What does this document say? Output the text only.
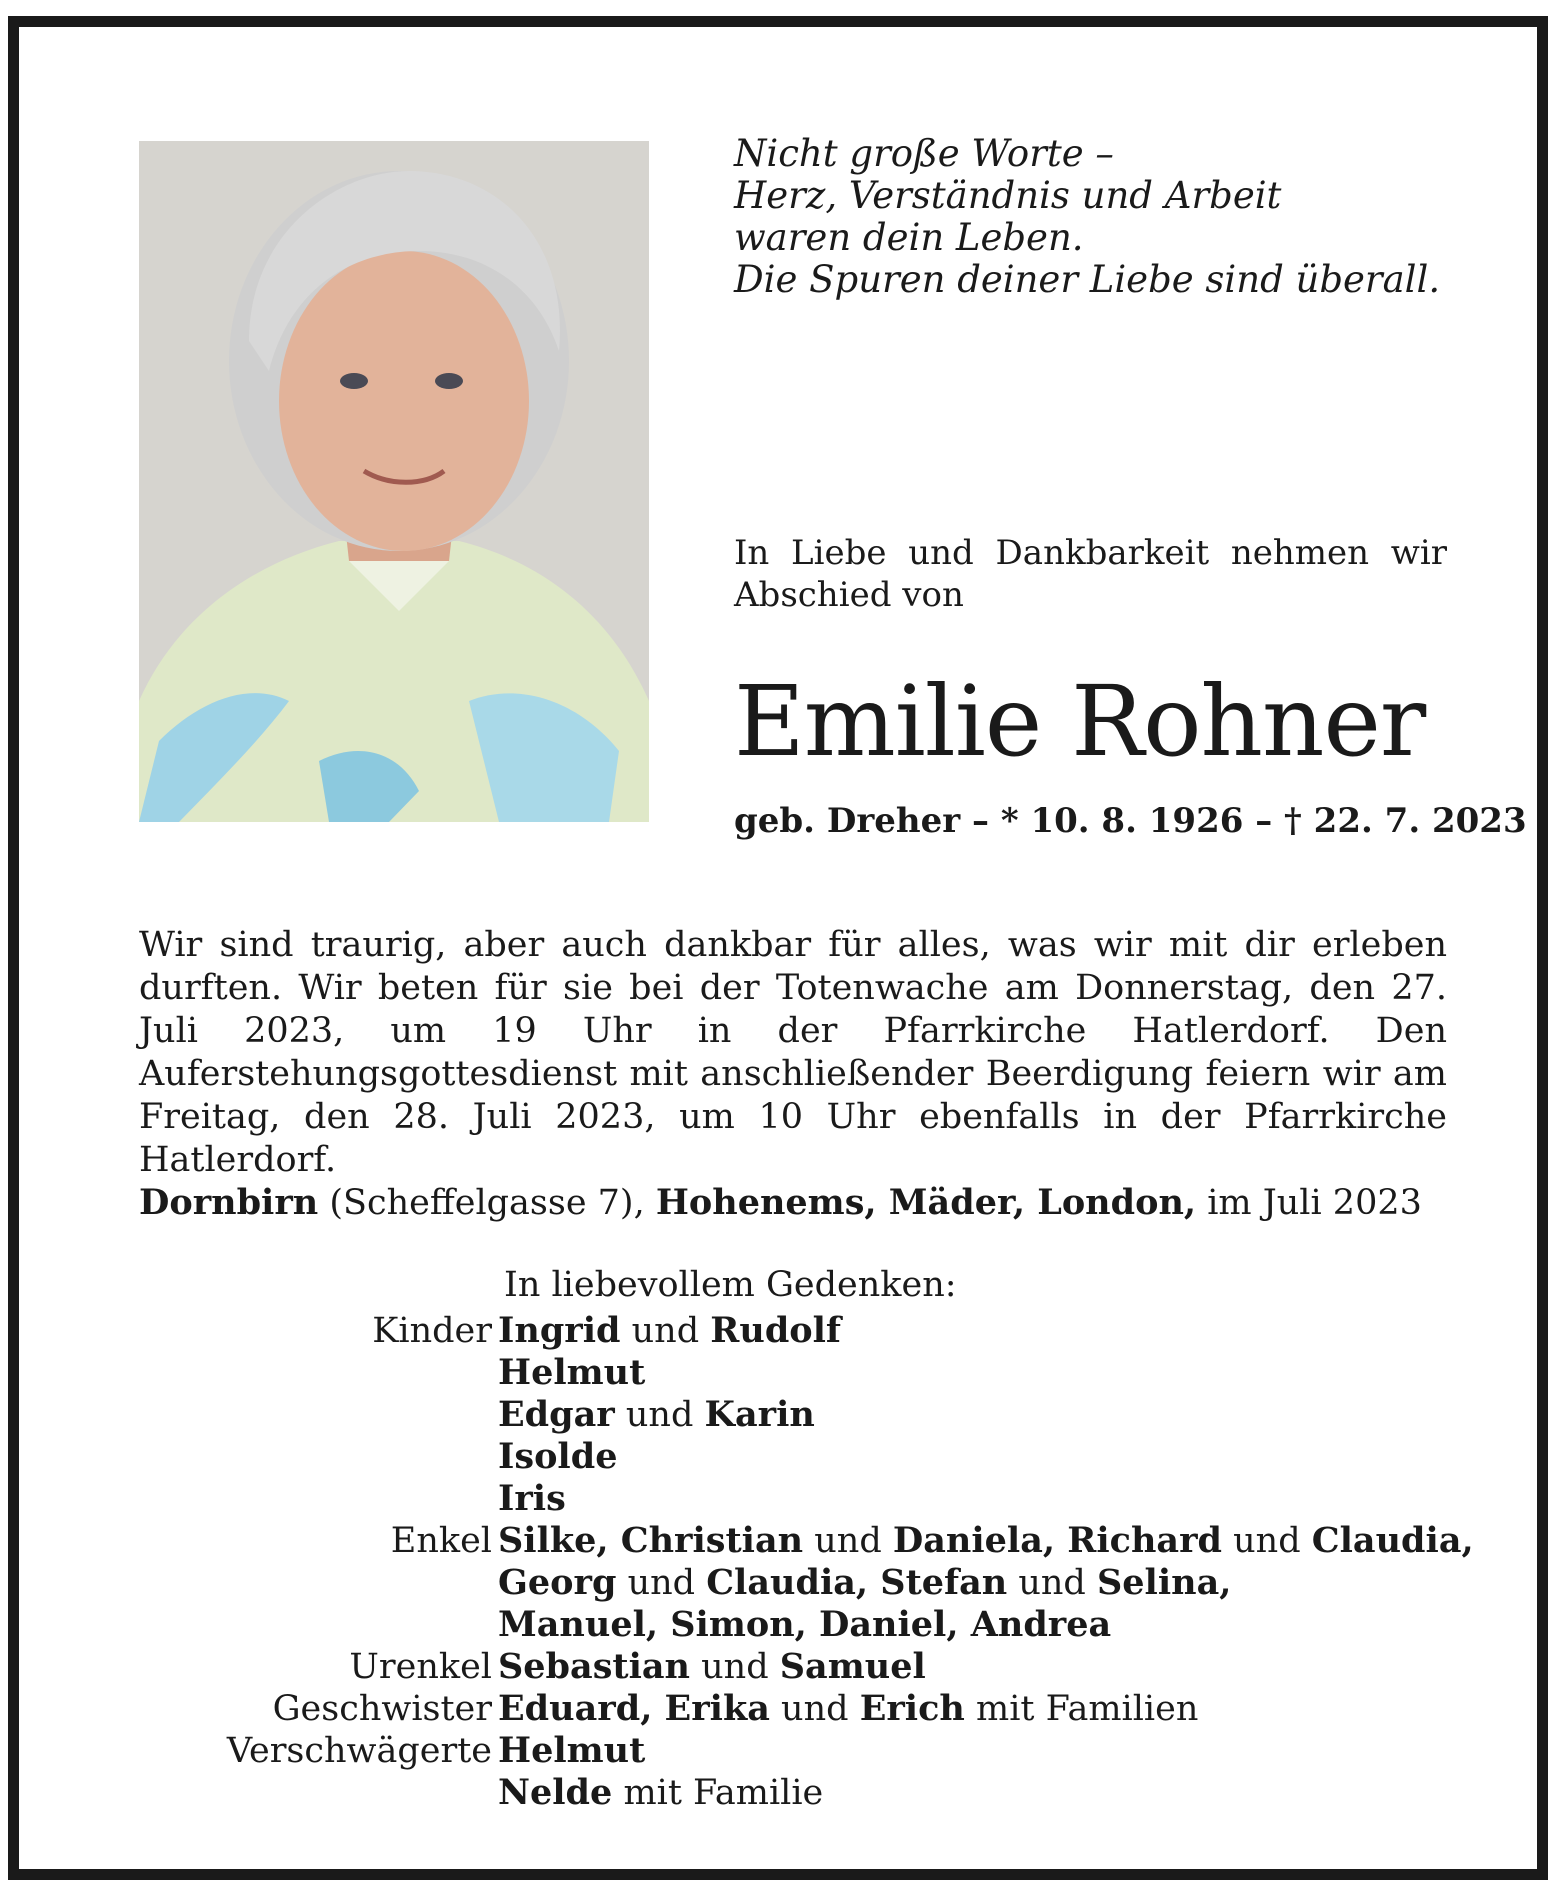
Nicht große Worte –
Herz, Verständnis und Arbeit
waren dein Leben.
Die Spuren deiner Liebe sind überall.
In Liebe und Dankbarkeit nehmen wir Abschied von
Emilie Rohner
geb. Dreher – * 10. 8. 1926 – † 22. 7. 2023
Wir sind traurig, aber auch dankbar für alles, was wir mit dir erleben durften. Wir beten für sie bei der Totenwache am Donnerstag, den 27. Juli 2023, um 19 Uhr in der Pfarrkirche Hatlerdorf. Den Auferstehungsgottesdienst mit anschließender Beerdigung feiern wir am Freitag, den 28. Juli 2023, um 10 Uhr ebenfalls in der Pfarrkirche Hatlerdorf.
Dornbirn (Scheffelgasse 7), Hohenems, Mäder, London, im Juli 2023
In liebevollem Gedenken:
Kinder Ingrid und Rudolf
Helmut
Edgar und Karin
Isolde
Iris
Enkel Silke, Christian und Daniela, Richard und Claudia,
Georg und Claudia, Stefan und Selina,
Manuel, Simon, Daniel, Andrea
Urenkel Sebastian und Samuel
Geschwister Eduard, Erika und Erich mit Familien
Verschwägerte Helmut
Nelde mit Familie
